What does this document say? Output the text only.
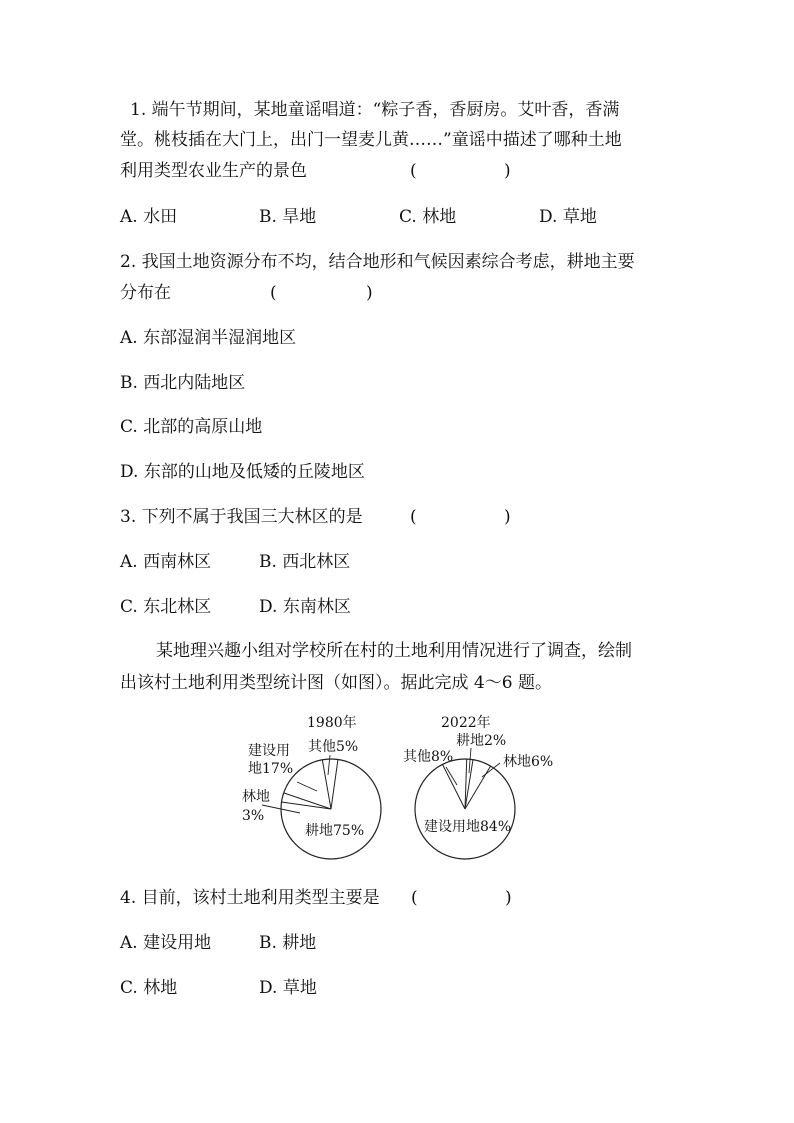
1. 端午节期间，某地童谣唱道：“粽子香，香厨房。艾叶香，香满
堂。桃枝插在大门上，出门一望麦儿黄……”童谣中描述了哪种土地
利用类型农业生产的景色	(	)
A. 水田	B. 旱地	C. 林地	D. 草地
2. 我国土地资源分布不均，结合地形和气候因素综合考虑，耕地主要
分布在	(	)
A. 东部湿润半湿润地区
B. 西北内陆地区
C. 北部的高原山地
D. 东部的山地及低矮的丘陵地区
3. 下列不属于我国三大林区的是	(	)
A. 西南林区	B. 西北林区
C. 东北林区	D. 东南林区
某地理兴趣小组对学校所在村的土地利用情况进行了调查，绘制
出该村土地利用类型统计图（如图）。据此完成 4～6 题。
1980年
建设用
地17%
其他5%
林地
3%
耕地75%
2022年
耕地2%
其他8%	林地6%
建设用地84%
4. 目前，该村土地利用类型主要是 (	)
A. 建设用地	B. 耕地
C. 林地	D. 草地
